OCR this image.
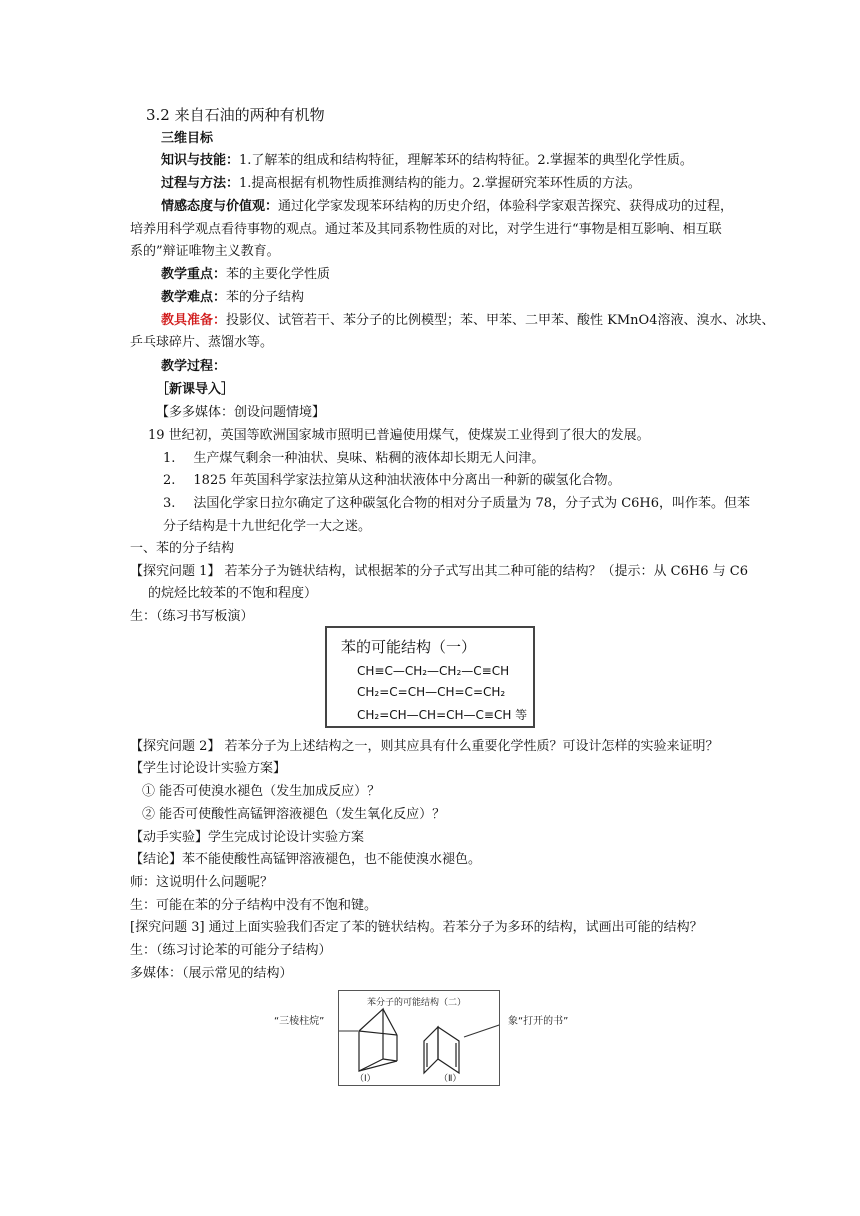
3.2 来自石油的两种有机物
三维目标
知识与技能：1.了解苯的组成和结构特征，理解苯环的结构特征。2.掌握苯的典型化学性质。
过程与方法：1.提高根据有机物性质推测结构的能力。2.掌握研究苯环性质的方法。
情感态度与价值观：通过化学家发现苯环结构的历史介绍，体验科学家艰苦探究、获得成功的过程，
培养用科学观点看待事物的观点。通过苯及其同系物性质的对比，对学生进行“事物是相互影响、相互联
系的”辩证唯物主义教育。
教学重点：苯的主要化学性质
教学难点：苯的分子结构
教具准备：投影仪、试管若干、苯分子的比例模型；苯、甲苯、二甲苯、酸性 KMnO4溶液、溴水、冰块、
乒乓球碎片、蒸馏水等。
教学过程：
［新课导入］
【多多媒体：创设问题情境】
19 世纪初，英国等欧洲国家城市照明已普遍使用煤气，使煤炭工业得到了很大的发展。
1. 生产煤气剩余一种油状、臭味、粘稠的液体却长期无人问津。
2. 1825 年英国科学家法拉第从这种油状液体中分离出一种新的碳氢化合物。
3. 法国化学家日拉尔确定了这种碳氢化合物的相对分子质量为 78，分子式为 C6H6，叫作苯。但苯
分子结构是十九世纪化学一大之迷。
一、苯的分子结构
【探究问题 1】 若苯分子为链状结构，试根据苯的分子式写出其二种可能的结构？（提示：从 C6H6 与 C6
的烷烃比较苯的不饱和程度）
生：（练习书写板演）
苯的可能结构（一）
CH≡C—CH₂—CH₂—C≡CH
CH₂=C=CH—CH=C=CH₂
CH₂=CH—CH=CH—C≡CH 等
【探究问题 2】 若苯分子为上述结构之一，则其应具有什么重要化学性质？可设计怎样的实验来证明？
【学生讨论设计实验方案】
① 能否可使溴水褪色（发生加成反应）？
② 能否可使酸性高锰钾溶液褪色（发生氧化反应）？
【动手实验】学生完成讨论设计实验方案
【结论】苯不能使酸性高锰钾溶液褪色，也不能使溴水褪色。
师：这说明什么问题呢？
生：可能在苯的分子结构中没有不饱和键。
[探究问题 3] 通过上面实验我们否定了苯的链状结构。若苯分子为多环的结构，试画出可能的结构？
生：（练习讨论苯的可能分子结构）
多媒体：（展示常见的结构）
“三棱柱烷”	象“打开的书”
苯分子的可能结构（二）
（Ⅰ）	（Ⅱ）
